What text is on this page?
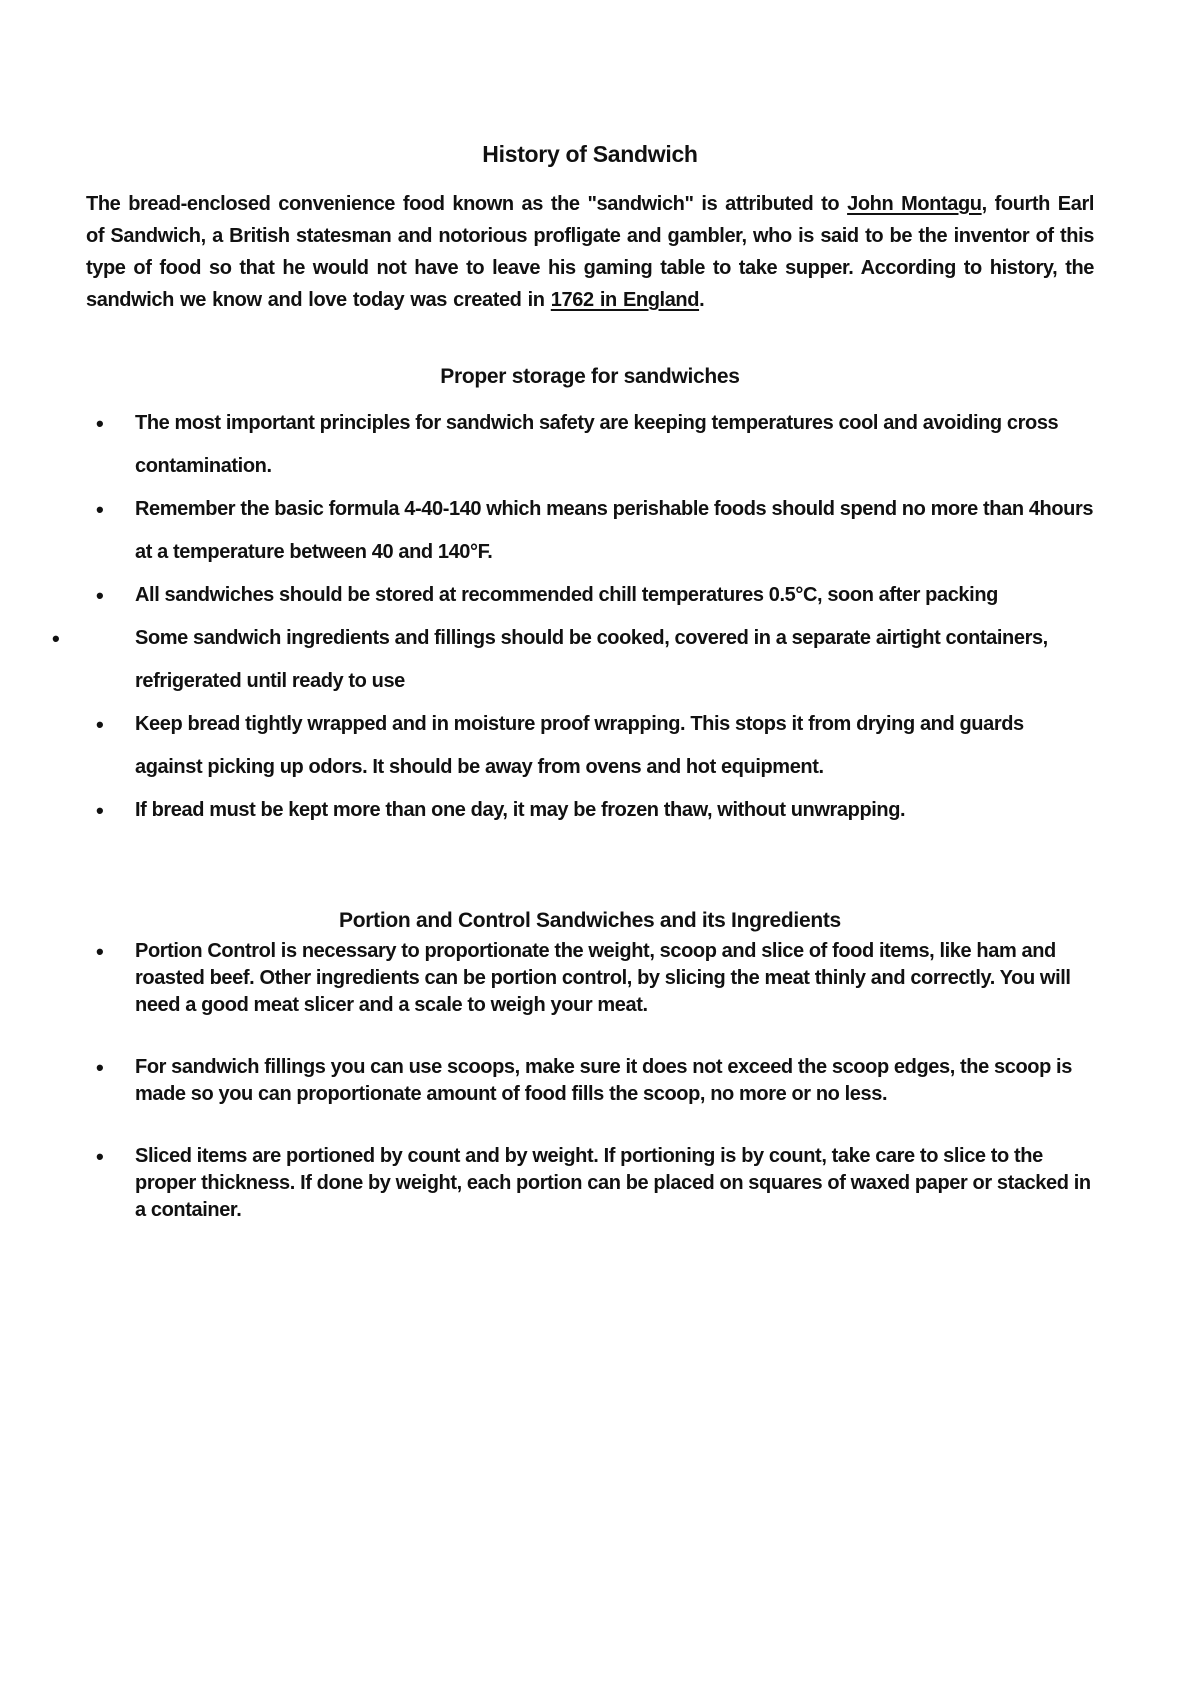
History of Sandwich

The bread-enclosed convenience food known as the "sandwich" is attributed to John Montagu, fourth Earl of Sandwich, a British statesman and notorious profligate and gambler, who is said to be the inventor of this type of food so that he would not have to leave his gaming table to take supper. According to history, the sandwich we know and love today was created in 1762 in England.

Proper storage for sandwiches
• The most important principles for sandwich safety are keeping temperatures cool and avoiding cross contamination.
• Remember the basic formula 4-40-140 which means perishable foods should spend no more than 4hours at a temperature between 40 and 140°F.
• All sandwiches should be stored at recommended chill temperatures 0.5°C, soon after packing
• Some sandwich ingredients and fillings should be cooked, covered in a separate airtight containers, refrigerated until ready to use
• Keep bread tightly wrapped and in moisture proof wrapping. This stops it from drying and guards against picking up odors. It should be away from ovens and hot equipment.
• If bread must be kept more than one day, it may be frozen thaw, without unwrapping.
Portion and Control Sandwiches and its Ingredients
• Portion Control is necessary to proportionate the weight, scoop and slice of food items, like ham and roasted beef. Other ingredients can be portion control, by slicing the meat thinly and correctly. You will need a good meat slicer and a scale to weigh your meat.
• For sandwich fillings you can use scoops, make sure it does not exceed the scoop edges, the scoop is made so you can proportionate amount of food fills the scoop, no more or no less.
• Sliced items are portioned by count and by weight. If portioning is by count, take care to slice to the proper thickness. If done by weight, each portion can be placed on squares of waxed paper or stacked in a container.
